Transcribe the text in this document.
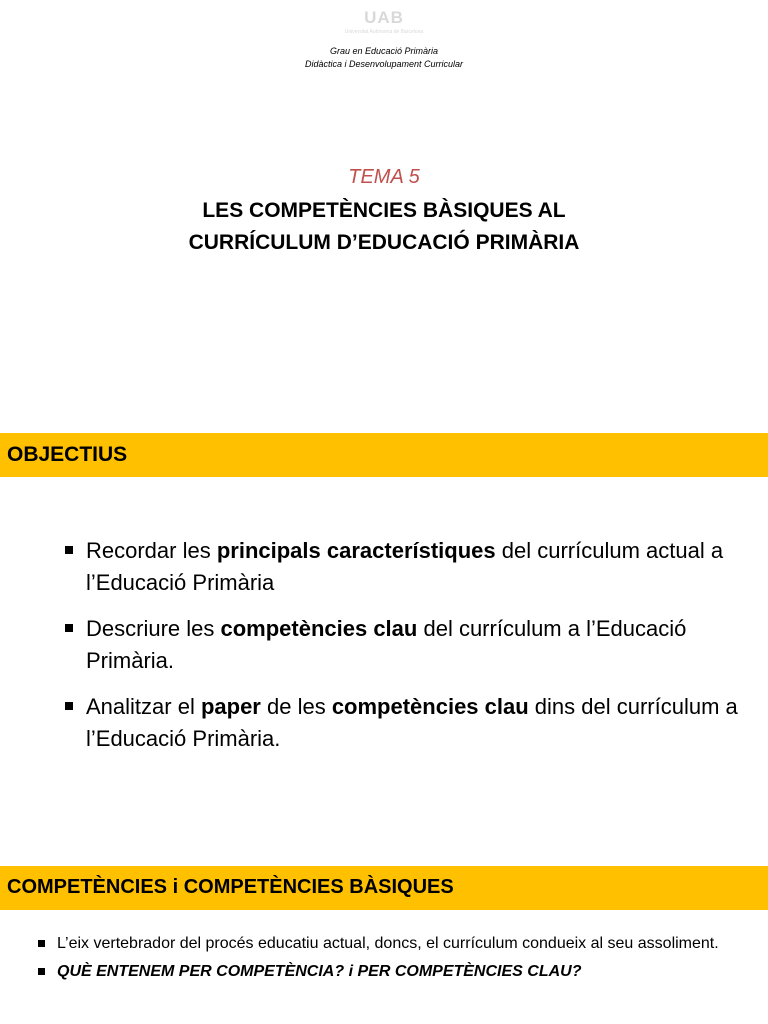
UAB
Universitat Autònoma de Barcelona
Grau en Educació Primària
Didàctica i Desenvolupament Curricular
TEMA 5
LES COMPETÈNCIES BÀSIQUES AL
CURRÍCULUM D’EDUCACIÓ PRIMÀRIA
OBJECTIUS
Recordar les principals característiques del currículum actual a l’Educació Primària
Descriure les competències clau del currículum a l’Educació Primària.
Analitzar el paper de les competències clau dins del currículum a l’Educació Primària.
COMPETÈNCIES i COMPETÈNCIES BÀSIQUES
L’eix vertebrador del procés educatiu actual, doncs, el currículum condueix al seu assoliment.
QUÈ ENTENEM PER COMPETÈNCIA? i PER COMPETÈNCIES CLAU?
